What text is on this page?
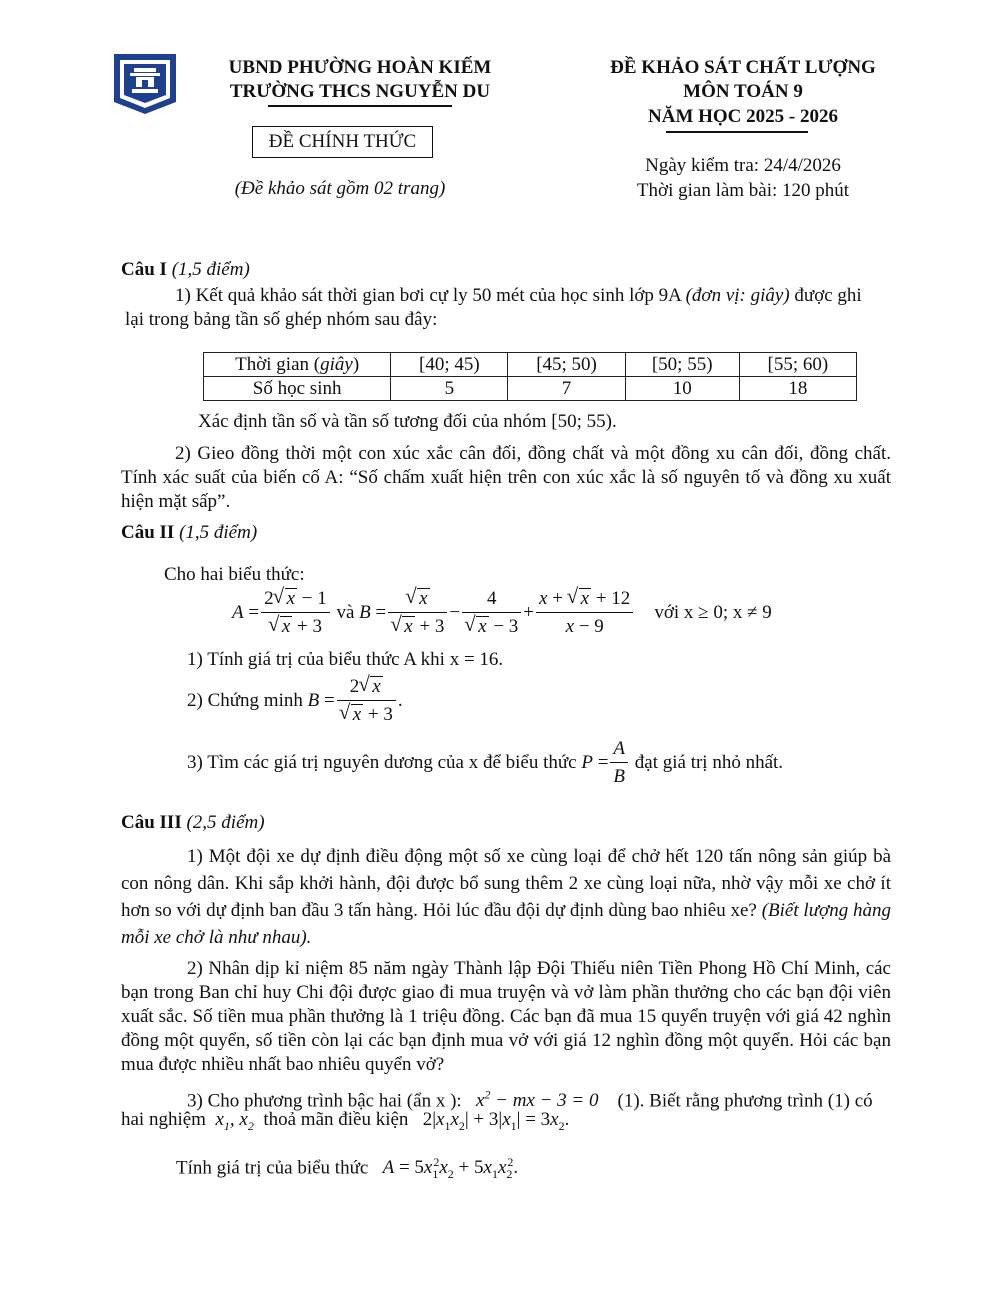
UBND PHƯỜNG HOÀN KIẾM
TRƯỜNG THCS NGUYỄN DU
ĐỀ CHÍNH THỨC
(Đề khảo sát gồm 02 trang)
ĐỀ KHẢO SÁT CHẤT LƯỢNG
MÔN TOÁN 9
NĂM HỌC 2025 - 2026
Ngày kiểm tra: 24/4/2026
Thời gian làm bài: 120 phút
Câu I (1,5 điểm)
1) Kết quả khảo sát thời gian bơi cự ly 50 mét của học sinh lớp 9A (đơn vị: giây) được ghi
lại trong bảng tần số ghép nhóm sau đây:
Thời gian (giây)	[40; 45)	[45; 50)	[50; 55)	[55; 60)
Số học sinh	5	7	10	18
Xác định tần số và tần số tương đối của nhóm [50; 55).
2) Gieo đồng thời một con xúc xắc cân đối, đồng chất và một đồng xu cân đối, đồng chất. Tính xác suất của biến cố A: “Số chấm xuất hiện trên con xúc xắc là số nguyên tố và đồng xu xuất hiện mặt sấp”.
Câu II (1,5 điểm)
Cho hai biểu thức:
A = 2 √ x − 1
√ x + 3
và
B = √ x
√ x + 3 − 4
√ $x - 3 + \frac{x + √ x + 12}{x - 9}$
với x ≥ 0; x ≠ 9
1) Tính giá trị của biểu thức A khi x = 16.
2) Chứng minh
B = 2 √ x
√ x + 3 .
3) Tìm các giá trị nguyên dương của x để biểu thức
$P = \frac{A}{B}$
đạt giá trị nhỏ nhất.
Câu III (2,5 điểm)
1) Một đội xe dự định điều động một số xe cùng loại để chở hết 120 tấn nông sản giúp bà con nông dân. Khi sắp khởi hành, đội được bổ sung thêm 2 xe cùng loại nữa, nhờ vậy mỗi xe chở ít hơn so với dự định ban đầu 3 tấn hàng. Hỏi lúc đầu đội dự định dùng bao nhiêu xe? (Biết lượng hàng mỗi xe chở là như nhau).
2) Nhân dịp kỉ niệm 85 năm ngày Thành lập Đội Thiếu niên Tiền Phong Hồ Chí Minh, các bạn trong Ban chỉ huy Chi đội được giao đi mua truyện và vở làm phần thưởng cho các bạn đội viên xuất sắc. Số tiền mua phần thưởng là 1 triệu đồng. Các bạn đã mua 15 quyển truyện với giá 42 nghìn đồng một quyển, số tiền còn lại các bạn định mua vở với giá 12 nghìn đồng một quyển. Hỏi các bạn mua được nhiều nhất bao nhiêu quyển vở?
3) Cho phương trình bậc hai (ẩn x ):   $x^2$ − mx − 3 = 0 (1). Biết rằng phương trình (1) có
hai nghiệm  $x_1$, $x_2$ thoả mãn điều kiện   $2|x_1x_2| + 3|x_1| = 3x_2$.
Tính giá trị của biểu thức $A = 5x_1^2x_2 + 5x_1x_2^2$.
